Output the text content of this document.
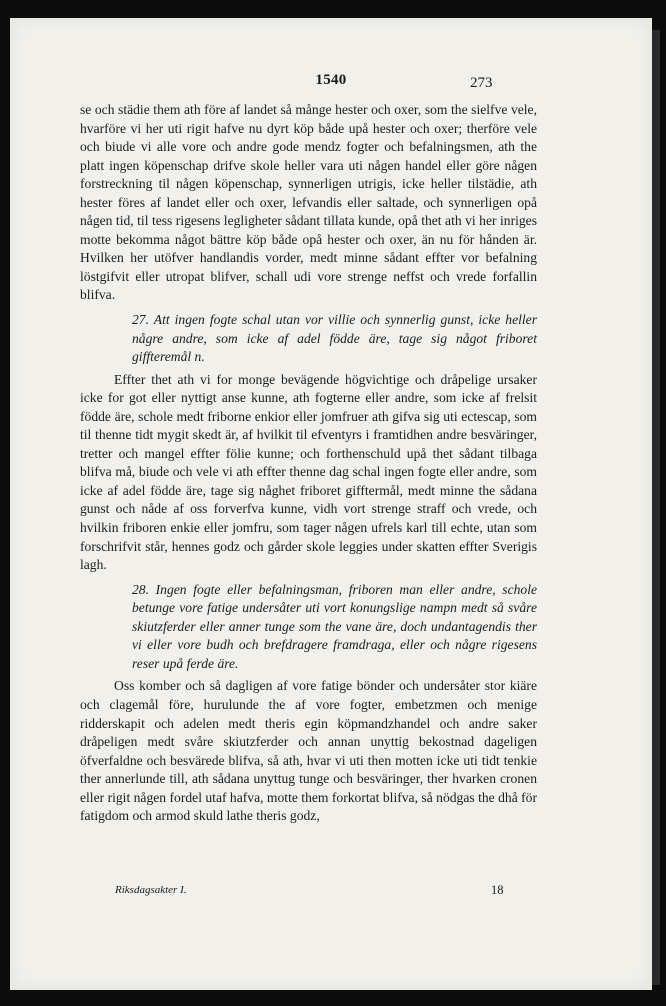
1540	273

se och städie them ath före af landet så månge hester och oxer, som the sielfve vele, hvarföre vi her uti rigit hafve nu dyrt köp både upå hester och oxer; therföre vele och biude vi alle vore och andre gode mendz fogter och befalningsmen, ath the platt ingen köpenschap drifve skole heller vara uti någen handel eller göre någen forstreckning til någen köpenschap, synnerligen utrigis, icke heller tilstädie, ath hester föres af landet eller och oxer, lefvandis eller saltade, och synnerligen opå någen tid, til tess rigesens legligheter sådant tillata kunde, opå thet ath vi her inriges motte bekomma något bättre köp både opå hester och oxer, än nu för hånden är. Hvilken her utöfver handlandis vorder, medt minne sådant effter vor befalning löstgifvit eller utropat blifver, schall udi vore strenge neffst och vrede forfallin blifva.

27. Att ingen fogte schal utan vor villie och synnerlig gunst, icke heller någre andre, som icke af adel födde äre, tage sig något friboret giffteremål n.

Effter thet ath vi for monge bevägende högvichtige och dråpelige ursaker icke for got eller nyttigt anse kunne, ath fogterne eller andre, som icke af frelsit födde äre, schole medt friborne enkior eller jomfruer ath gifva sig uti ectescap, som til thenne tidt mygit skedt är, af hvilkit til efventyrs i framtidhen andre besväringer, tretter och mangel effter fölie kunne; och forthenschuld upå thet sådant tilbaga blifva må, biude och vele vi ath effter thenne dag schal ingen fogte eller andre, som icke af adel födde äre, tage sig någhet friboret gifftermål, medt minne the sådana gunst och nåde af oss forverfva kunne, vidh vort strenge straff och vrede, och hvilkin friboren enkie eller jomfru, som tager någen ufrels karl till echte, utan som forschrifvit står, hennes godz och gårder skole leggies under skatten effter Sverigis lagh.

28. Ingen fogte eller befalningsman, friboren man eller andre, schole betunge vore fatige undersåter uti vort konungslige nampn medt så svåre skiutzferder eller anner tunge som the vane äre, doch undantagendis ther vi eller vore budh och brefdragere framdraga, eller och någre rigesens reser upå ferde äre.

Oss komber och så dagligen af vore fatige bönder och undersåter stor kiäre och clagemål före, hurulunde the af vore fogter, embetzmen och menige ridderskapit och adelen medt theris egin köpmandzhandel och andre saker dråpeligen medt svåre skiutzferder och annan unyttig bekostnad dageligen öfverfaldne och besvärede blifva, så ath, hvar vi uti then motten icke uti tidt tenkie ther annerlunde till, ath sådana unyttug tunge och besväringer, ther hvarken cronen eller rigit någen fordel utaf hafva, motte them forkortat blifva, så nödgas the dhå för fatigdom och armod skuld lathe theris godz,

Riksdagsakter I.	18
